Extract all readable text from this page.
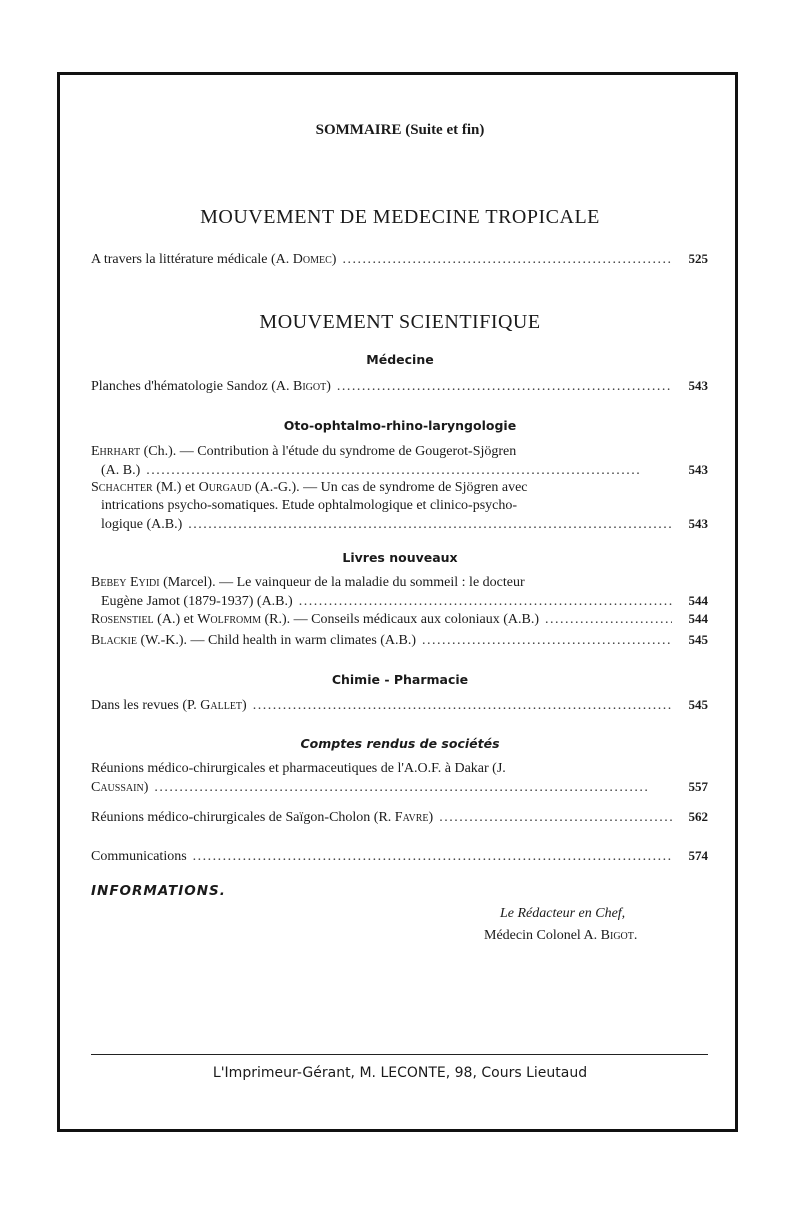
SOMMAIRE (Suite et fin)
MOUVEMENT DE MEDECINE TROPICALE
A travers la littérature médicale (A. Domec) . . .	525
MOUVEMENT SCIENTIFIQUE
Médecine
Planches d'hématologie Sandoz (A. Bigot) . . .	543
Oto-ophtalmo-rhino-laryngologie
Ehrhart (Ch.). — Contribution à l'étude du syndrome de Gougerot-Sjögren
(A. B.) . . .	543
Schachter (M.) et Ourgaud (A.-G.). — Un cas de syndrome de Sjögren avec
intrications psycho-somatiques. Etude ophtalmologique et clinico-psycho-
logique (A.B.) . . .	543
Livres nouveaux
Bebey Eyidi (Marcel). — Le vainqueur de la maladie du sommeil : le docteur
Eugène Jamot (1879-1937) (A.B.) . . .	544
Rosenstiel (A.) et Wolfromm (R.). — Conseils médicaux aux coloniaux (A.B.) . . .	544
Blackie (W.-K.). — Child health in warm climates (A.B.) . . .	545
Chimie - Pharmacie
Dans les revues (P. Gallet) . . .	545
Comptes rendus de sociétés
Réunions médico-chirurgicales et pharmaceutiques de l'A.O.F. à Dakar (J.
Caussain) . . .	557
Réunions médico-chirurgicales de Saïgon-Cholon (R. Favre) . . .	562
Communications . . .	574
INFORMATIONS.
Le Rédacteur en Chef,
Médecin Colonel A. Bigot.
L'Imprimeur-Gérant, M. LECONTE, 98, Cours Lieutaud
